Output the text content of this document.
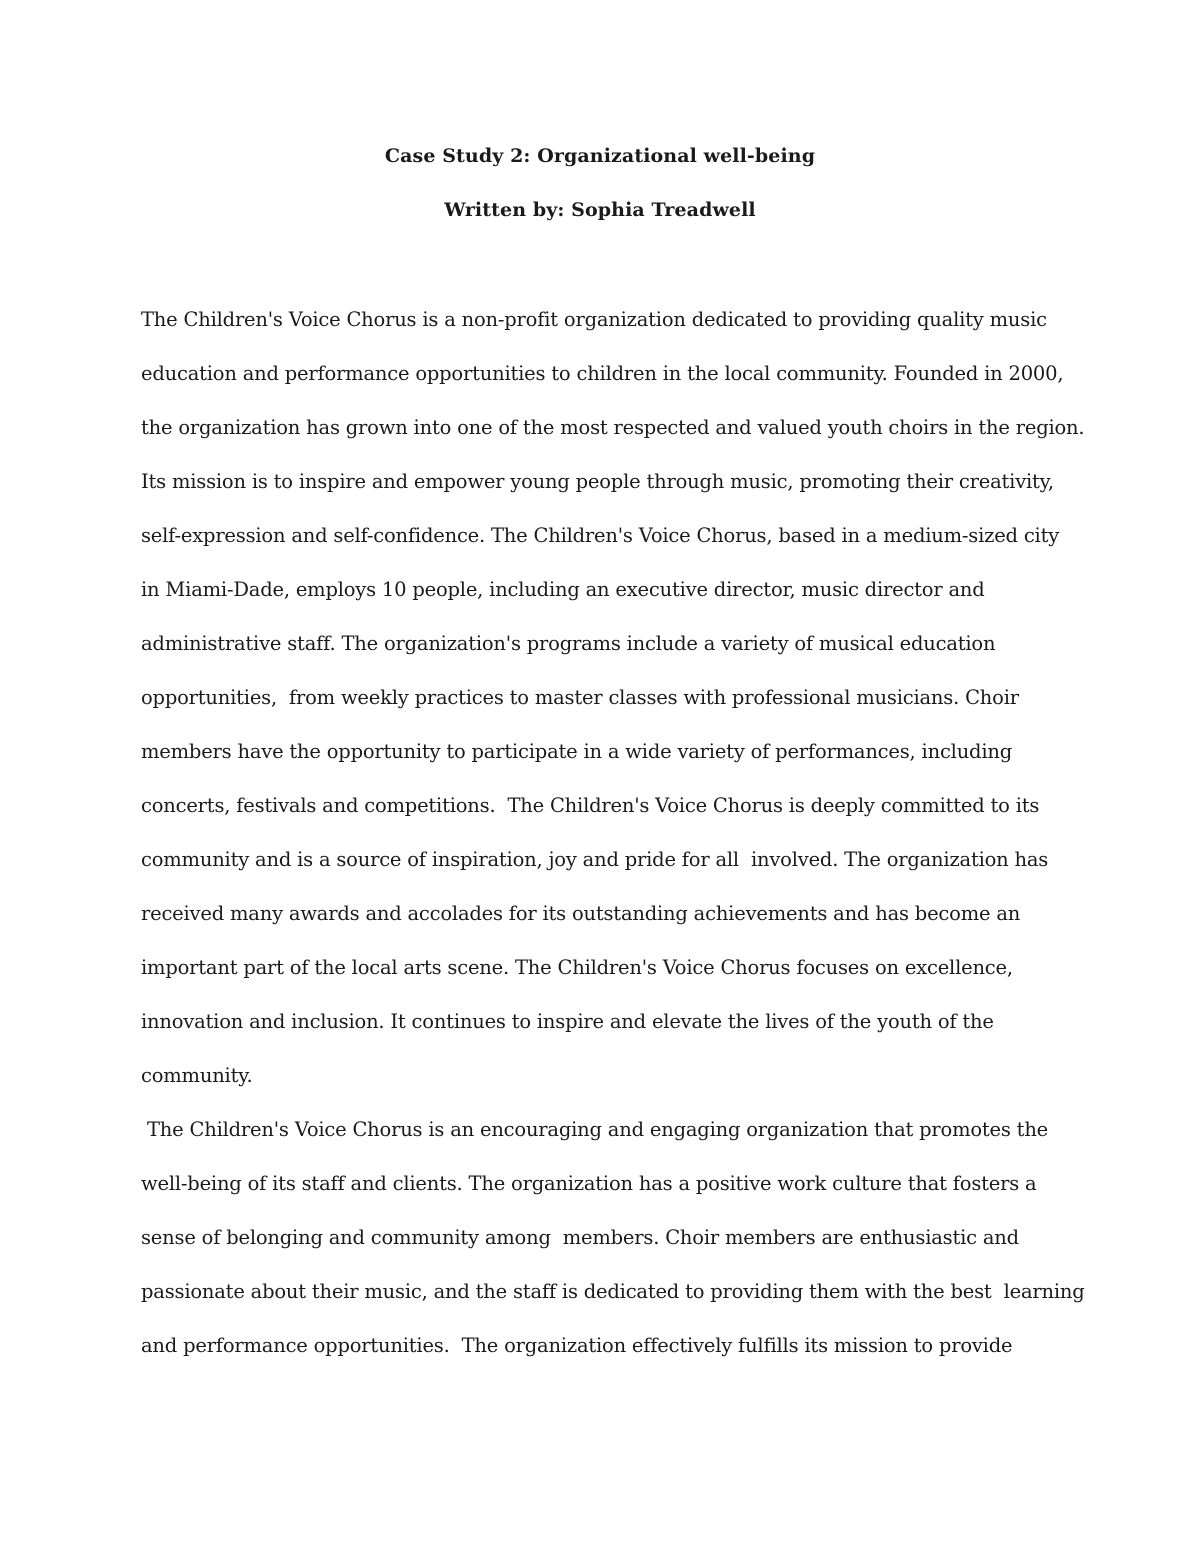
Case Study 2: Organizational well-being
Written by: Sophia Treadwell
The Children's Voice Chorus is a non-profit organization dedicated to providing quality music
education and performance opportunities to children in the local community. Founded in 2000,
the organization has grown into one of the most respected and valued youth choirs in the region.
Its mission is to inspire and empower young people through music, promoting their creativity,
self-expression and self-confidence. The Children's Voice Chorus, based in a medium-sized city
in Miami-Dade, employs 10 people, including an executive director, music director and
administrative staff. The organization's programs include a variety of musical education
opportunities,  from weekly practices to master classes with professional musicians. Choir
members have the opportunity to participate in a wide variety of performances, including
concerts, festivals and competitions.  The Children's Voice Chorus is deeply committed to its
community and is a source of inspiration, joy and pride for all  involved. The organization has
received many awards and accolades for its outstanding achievements and has become an
important part of the local arts scene. The Children's Voice Chorus focuses on excellence,
innovation and inclusion. It continues to inspire and elevate the lives of the youth of the
community.
The Children's Voice Chorus is an encouraging and engaging organization that promotes the
well-being of its staff and clients. The organization has a positive work culture that fosters a
sense of belonging and community among  members. Choir members are enthusiastic and
passionate about their music, and the staff is dedicated to providing them with the best  learning
and performance opportunities.  The organization effectively fulfills its mission to provide
